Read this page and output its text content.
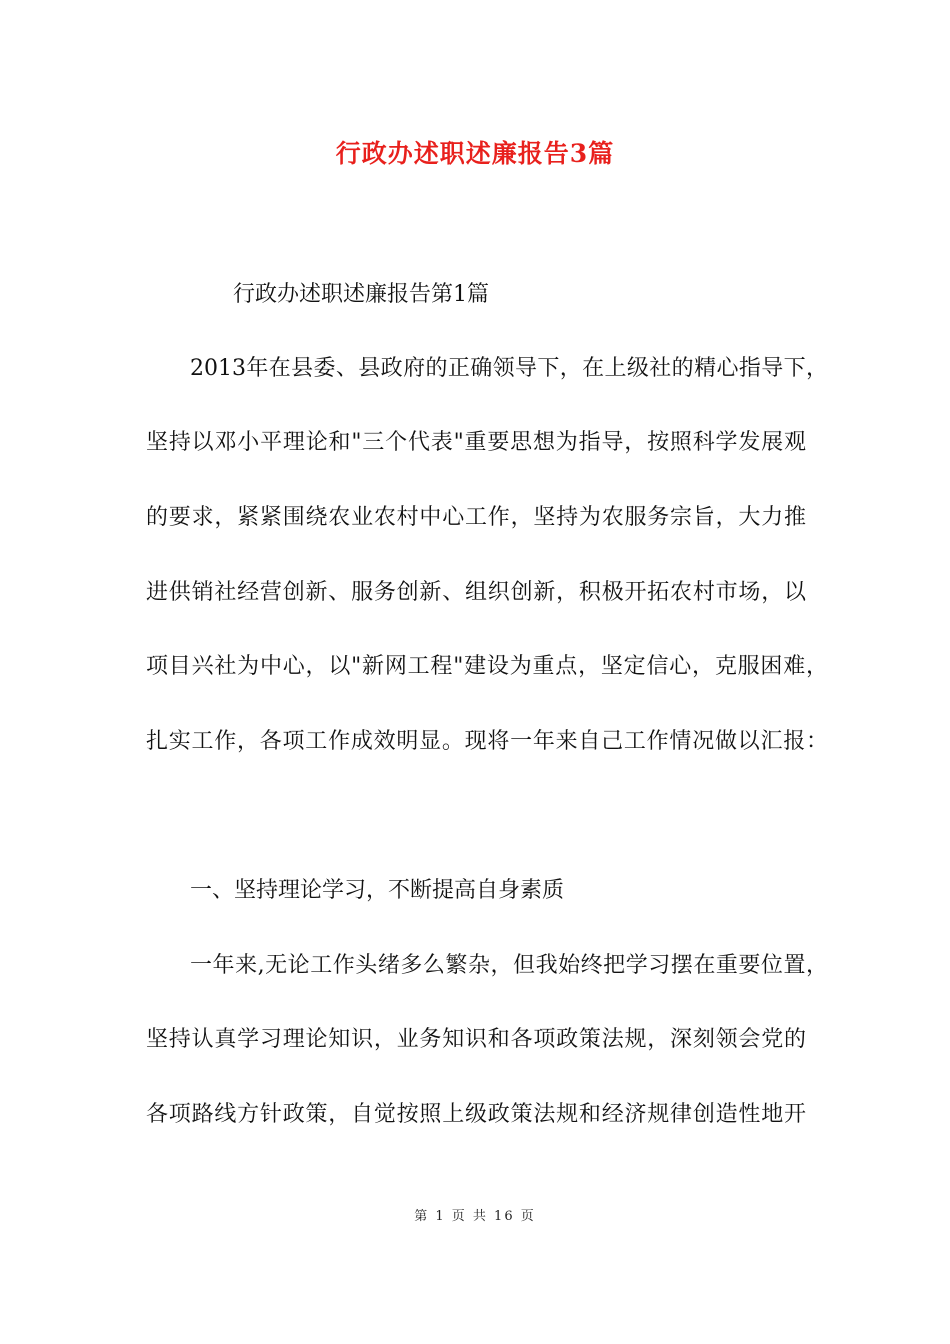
行政办述职述廉报告3篇
行政办述职述廉报告第1篇
2013年在县委、县政府的正确领导下，在上级社的精心指导下，
坚持以邓小平理论和"三个代表"重要思想为指导，按照科学发展观
的要求，紧紧围绕农业农村中心工作，坚持为农服务宗旨，大力推
进供销社经营创新、服务创新、组织创新，积极开拓农村市场，以
项目兴社为中心，以"新网工程"建设为重点，坚定信心，克服困难，
扎实工作，各项工作成效明显。现将一年来自己工作情况做以汇报：
一、坚持理论学习，不断提高自身素质
一年来,无论工作头绪多么繁杂，但我始终把学习摆在重要位置，
坚持认真学习理论知识，业务知识和各项政策法规，深刻领会党的
各项路线方针政策，自觉按照上级政策法规和经济规律创造性地开
第 1 页 共 16 页
